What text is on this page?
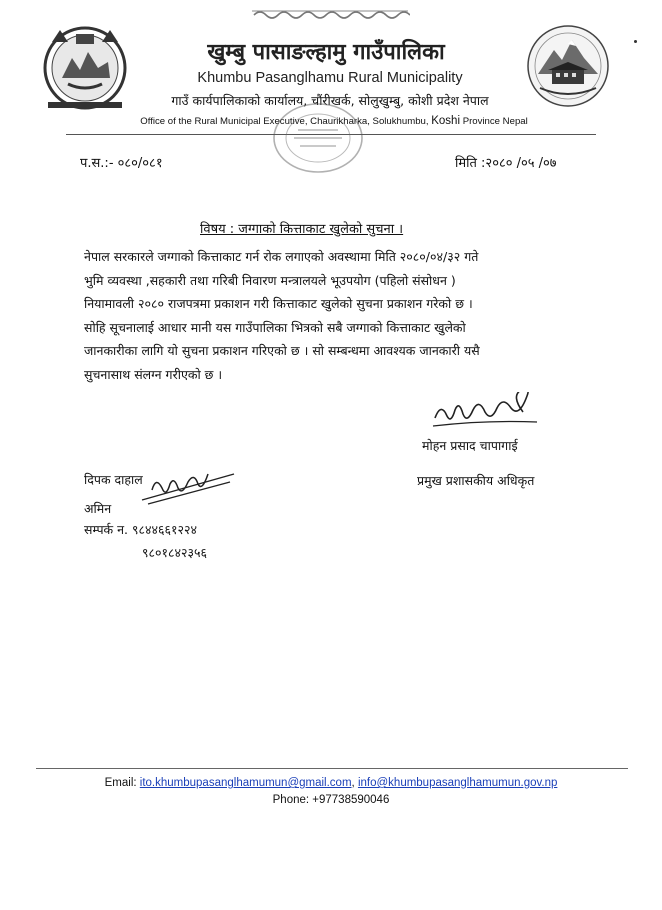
खुम्बु पासाङल्हामु गाउँपालिका
Khumbu Pasanglhamu Rural Municipality
गाउँ कार्यपालिकाको कार्यालय, चौंरीखर्क, सोलुखुम्बु, कोशी प्रदेश नेपाल
Office of the Rural Municipal Executive, Chaurikharka, Solukhumbu, Koshi Province Nepal
प.स.:- ०८०/०८१	मिति :२०८० /०५ /०७
विषय : जग्गाको कित्ताकाट खुलेको सुचना ।
नेपाल सरकारले जग्गाको कित्ताकाट गर्न रोक लगाएको अवस्थामा मिति २०८०/०४/३२ गते
भुमि व्यवस्था ,सहकारी तथा गरिबी निवारण मन्त्रालयले भूउपयोग (पहिलो संसोधन )
नियामावली २०८० राजपत्रमा प्रकाशन गरी कित्ताकाट खुलेको सुचना प्रकाशन गरेको छ ।
सोहि सूचनालाई आधार मानी यस गाउँपालिका भित्रको सबै जग्गाको कित्ताकाट खुलेको
जानकारीका लागि यो सुचना प्रकाशन गरिएको छ । सो सम्बन्धमा आवश्यक जानकारी यसै
सुचनासाथ संलग्न गरीएको छ ।
मोहन प्रसाद चापागाई
प्रमुख प्रशासकीय अधिकृत
दिपक दाहाल
अमिन
सम्पर्क न. ९८४४६६१२२४
९८०१८४२३५६
Email: ito.khumbupasanglhamumun@gmail.com, info@khumbupasanglhamumun.gov.np
Phone: +97738590046
